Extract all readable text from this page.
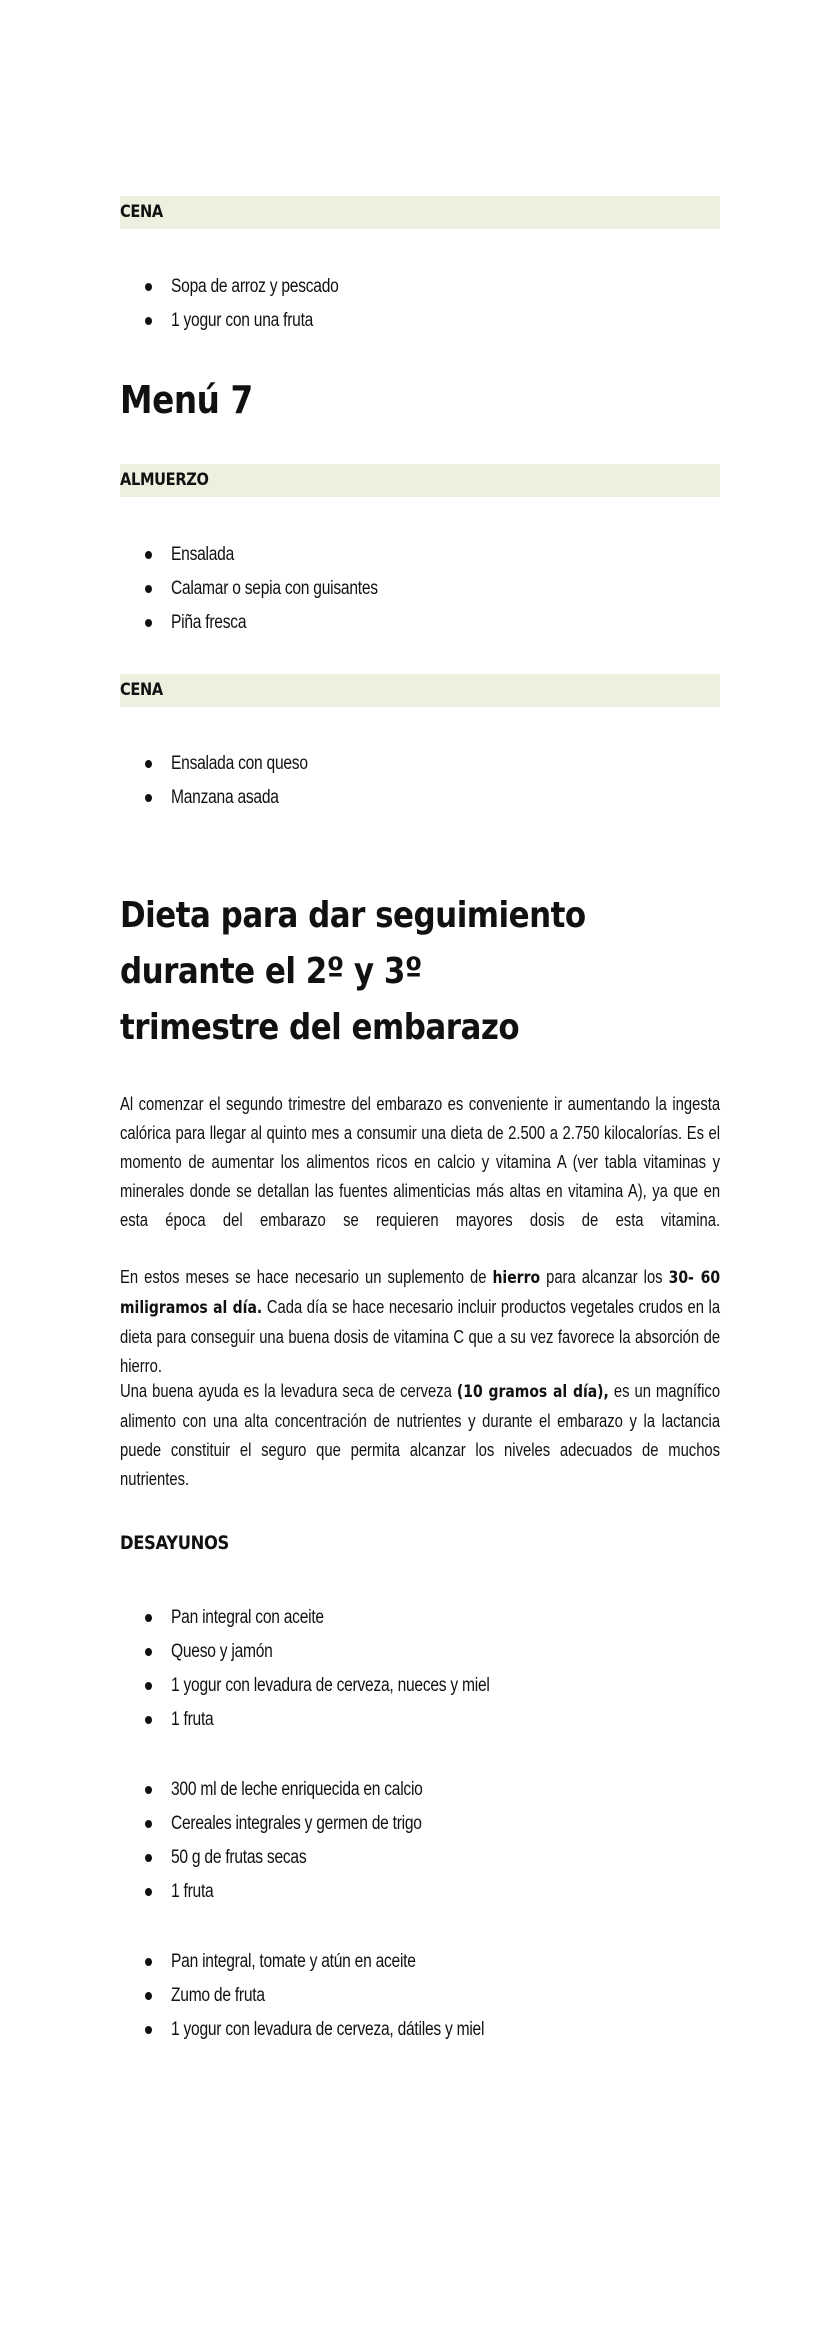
CENA
Sopa de arroz y pescado
1 yogur con una fruta
Menú 7
ALMUERZO
Ensalada
Calamar o sepia con guisantes
Piña fresca
CENA
Ensalada con queso
Manzana asada
Dieta para dar seguimiento durante el 2º y 3º
trimestre del embarazo
Al comenzar el segundo trimestre del embarazo es conveniente ir aumentando la ingesta calórica para llegar al quinto mes a consumir una dieta de 2.500 a 2.750 kilocalorías. Es el momento de aumentar los alimentos ricos en calcio y vitamina A (ver tabla vitaminas y minerales donde se detallan las fuentes alimenticias más altas en vitamina A), ya que en esta época del embarazo se requieren mayores dosis de esta vitamina.
En estos meses se hace necesario un suplemento de hierro para alcanzar los 30- 60 miligramos al día. Cada día se hace necesario incluir productos vegetales crudos en la dieta para conseguir una buena dosis de vitamina C que a su vez favorece la absorción de hierro.
Una buena ayuda es la levadura seca de cerveza (10 gramos al día), es un magnífico alimento con una alta concentración de nutrientes y durante el embarazo y la lactancia puede constituir el seguro que permita alcanzar los niveles adecuados de muchos nutrientes.
DESAYUNOS
Pan integral con aceite
Queso y jamón
1 yogur con levadura de cerveza, nueces y miel
1 fruta
300 ml de leche enriquecida en calcio
Cereales integrales y germen de trigo
50 g de frutas secas
1 fruta
Pan integral, tomate y atún en aceite
Zumo de fruta
1 yogur con levadura de cerveza, dátiles y miel
